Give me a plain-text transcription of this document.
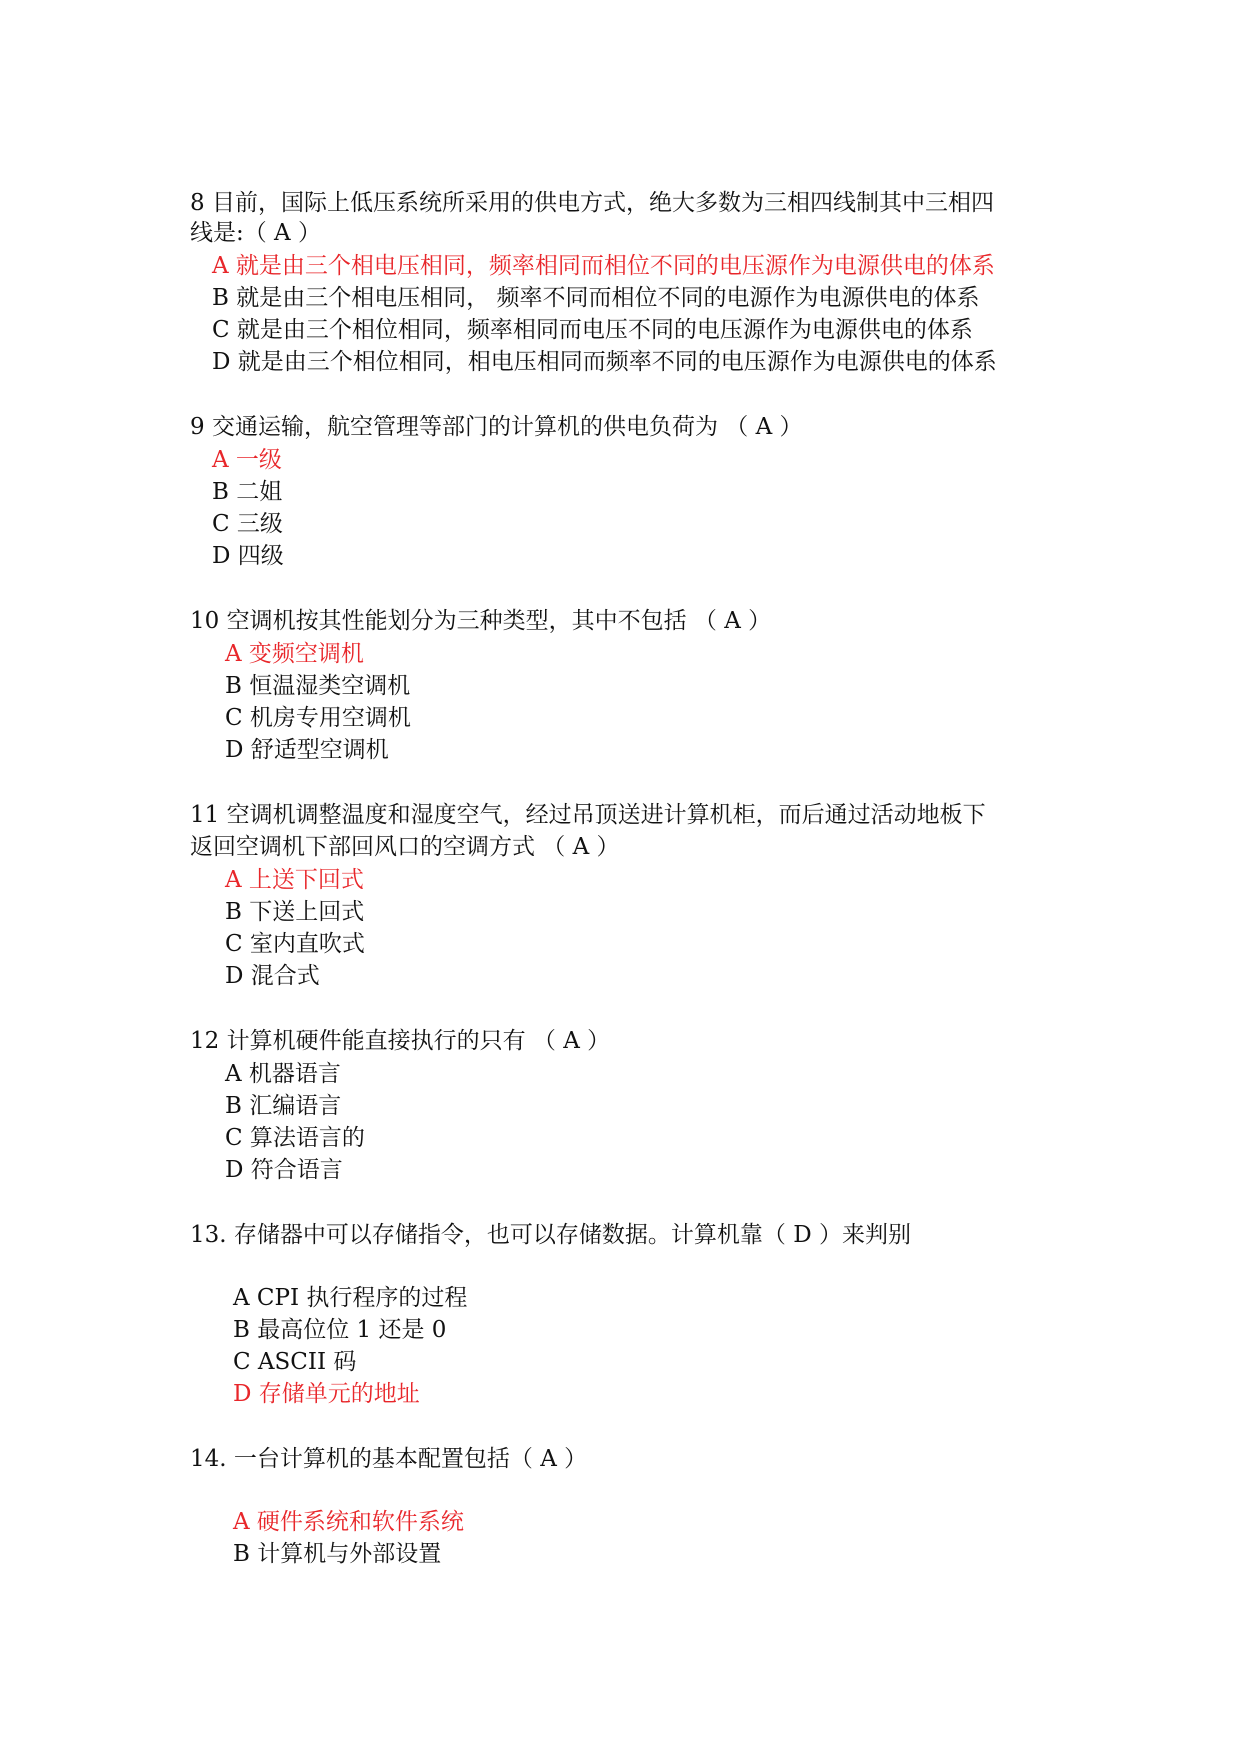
8 目前，国际上低压系统所采用的供电方式，绝大多数为三相四线制其中三相四
线是:（ A ）
A 就是由三个相电压相同，频率相同而相位不同的电压源作为电源供电的体系
B 就是由三个相电压相同， 频率不同而相位不同的电源作为电源供电的体系
C 就是由三个相位相同，频率相同而电压不同的电压源作为电源供电的体系
D 就是由三个相位相同，相电压相同而频率不同的电压源作为电源供电的体系
9 交通运输，航空管理等部门的计算机的供电负荷为 （ A ）
A 一级
B 二姐
C 三级
D 四级
10 空调机按其性能划分为三种类型，其中不包括 （ A ）
A 变频空调机
B 恒温湿类空调机
C 机房专用空调机
D 舒适型空调机
11 空调机调整温度和湿度空气，经过吊顶送进计算机柜，而后通过活动地板下
返回空调机下部回风口的空调方式 （ A ）
A 上送下回式
B 下送上回式
C 室内直吹式
D 混合式
12 计算机硬件能直接执行的只有 （ A ）
A 机器语言
B 汇编语言
C 算法语言的
D 符合语言
13. 存储器中可以存储指令，也可以存储数据。计算机靠（ D ）来判别
A CPI 执行程序的过程
B 最高位位 1 还是 0
C ASCII 码
D 存储单元的地址
14. 一台计算机的基本配置包括（ A ）
A 硬件系统和软件系统
B 计算机与外部设置
